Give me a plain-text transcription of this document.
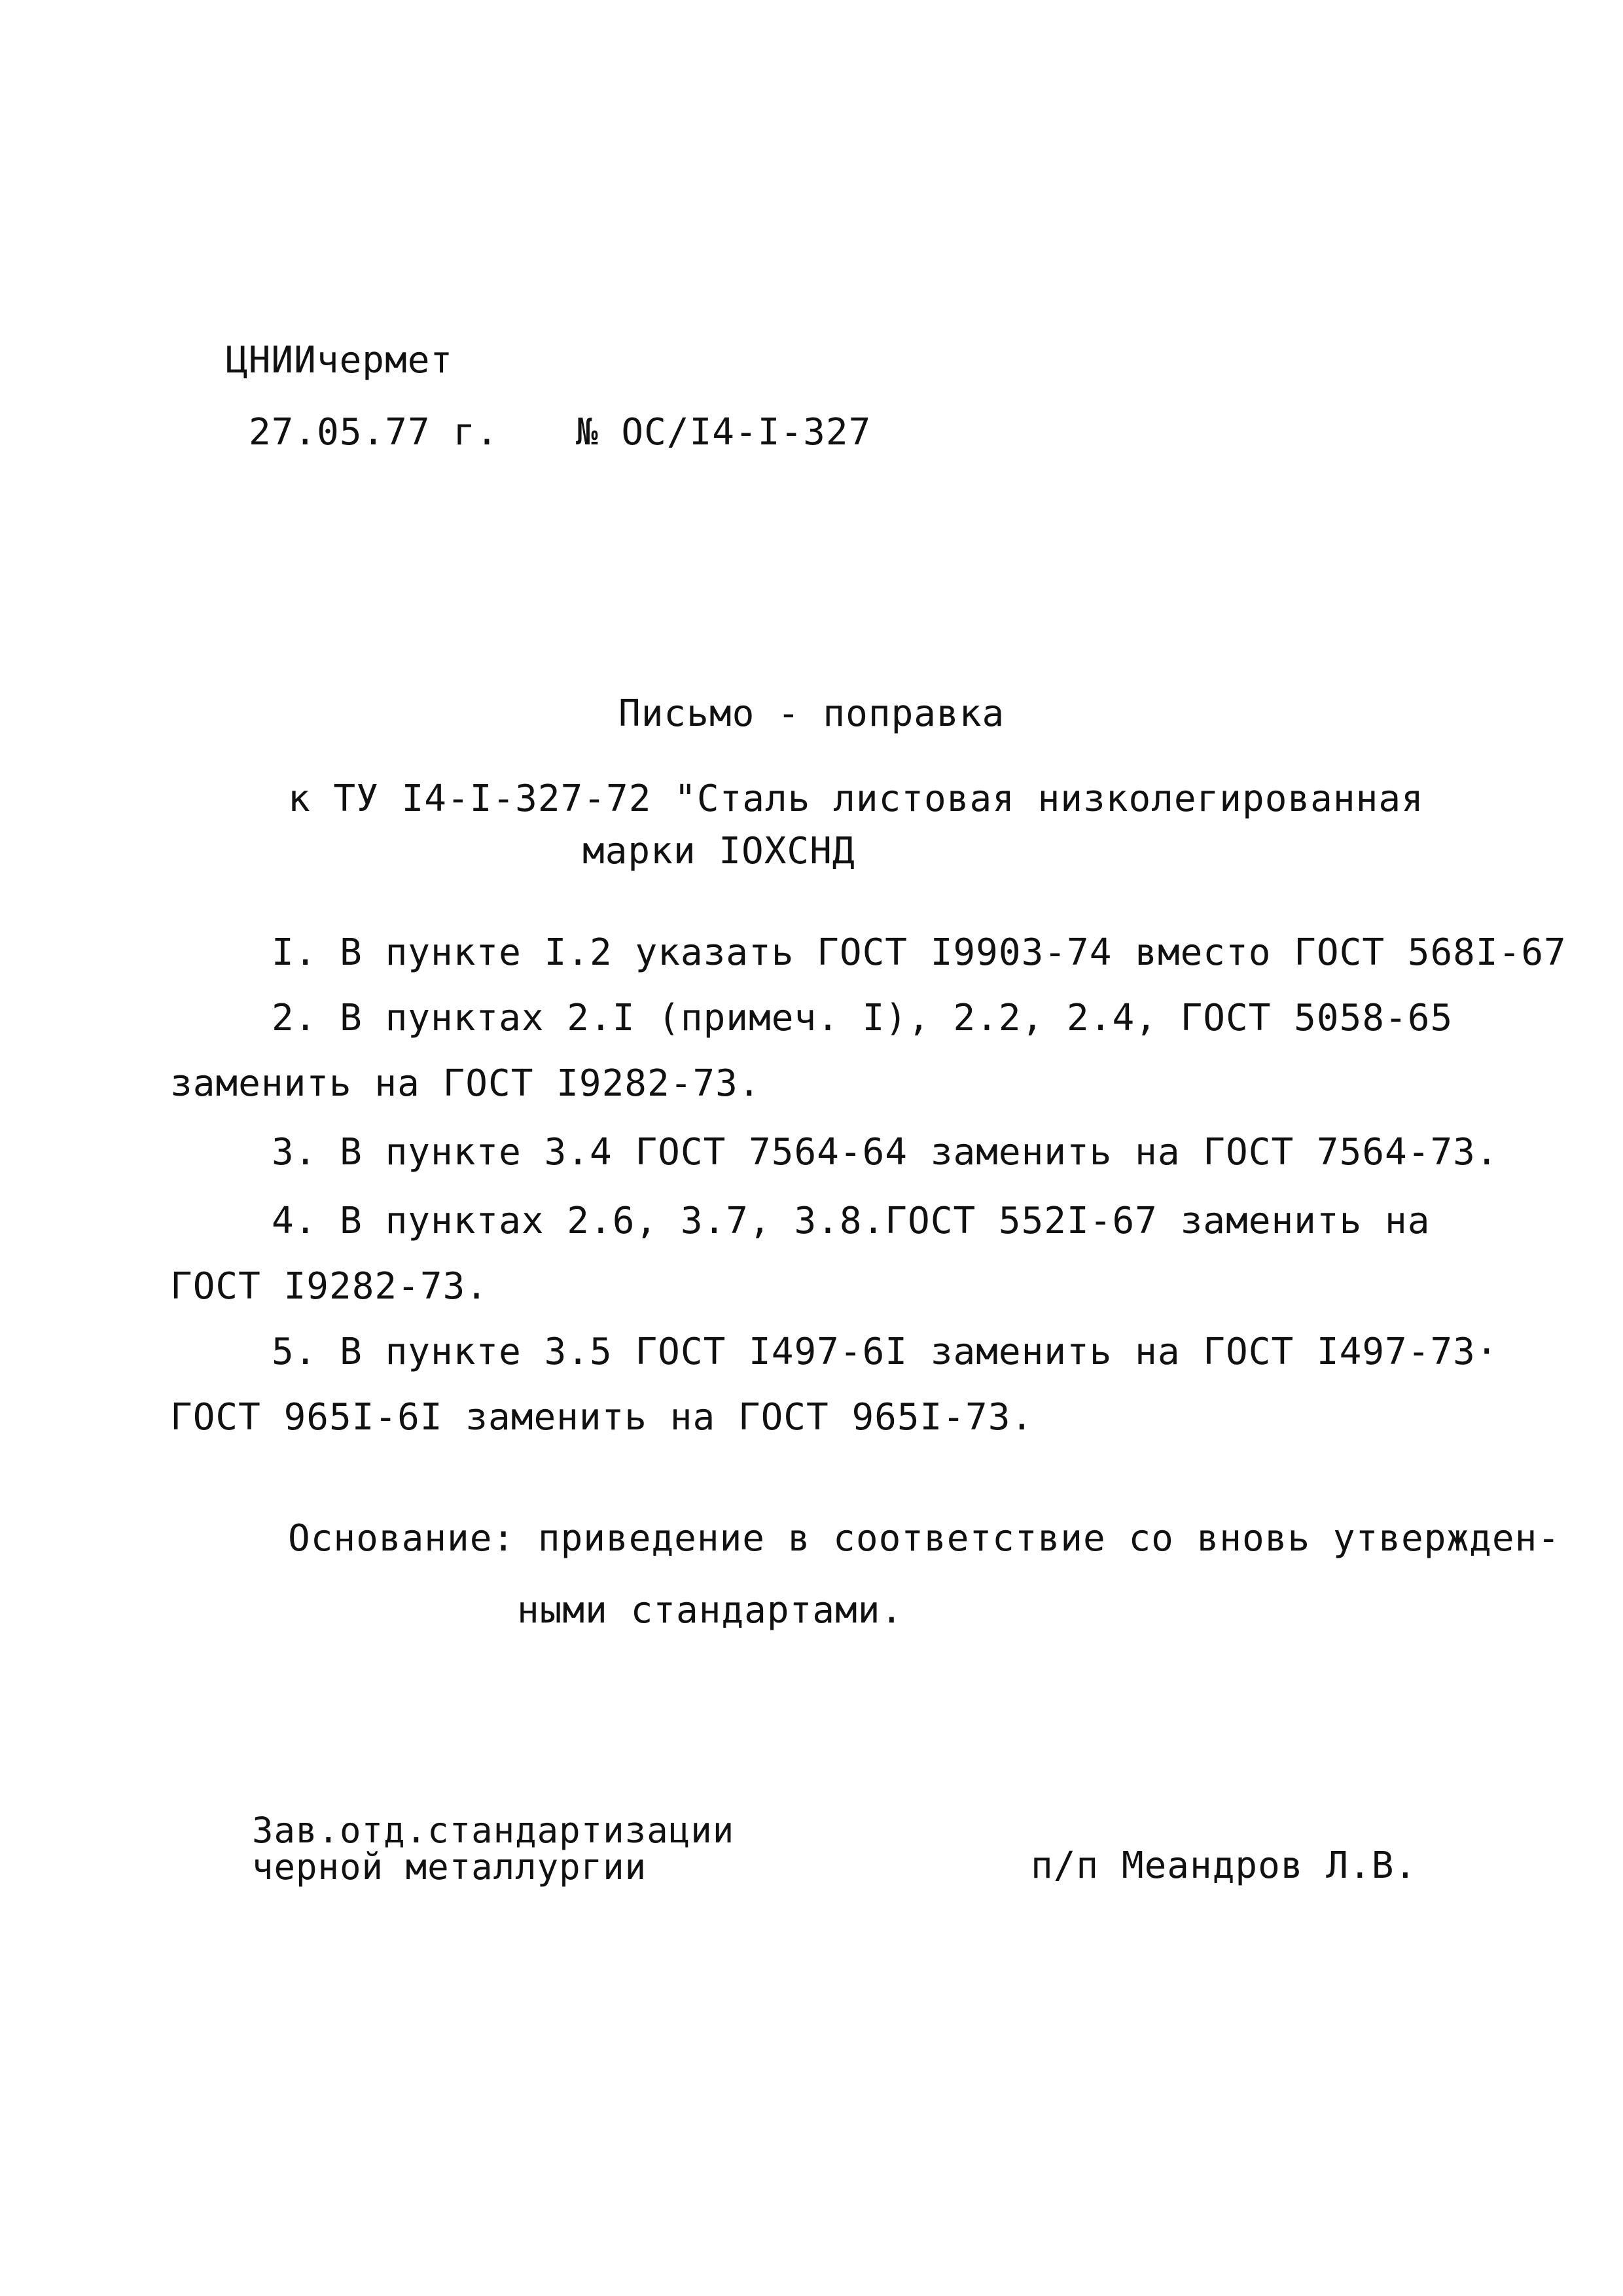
ЦНИИчермет
27.05.77 г. № ОС/I4-I-327
Письмо - поправка
к ТУ I4-I-327-72 "Сталь листовая низколегированная
марки IOXCHД
I. В пункте I.2 указать ГОСТ I9903-74 вместо ГОСТ 568I-67
2. В пунктах 2.I (примеч. I), 2.2, 2.4, ГОСТ 5058-65
заменить на ГОСТ I9282-73.
3. В пункте 3.4 ГОСТ 7564-64 заменить на ГОСТ 7564-73.
4. В пунктах 2.6, 3.7, 3.8.ГОСТ 552I-67 заменить на
ГОСТ I9282-73.
5. В пункте 3.5 ГОСТ I497-6I заменить на ГОСТ I497-73·
ГОСТ 965I-6I заменить на ГОСТ 965I-73.
Основание: приведение в соответствие со вновь утвержден-
ными стандартами.
Зав.отд.стандартизации
черной металлургии	п/п Меандров Л.В.
